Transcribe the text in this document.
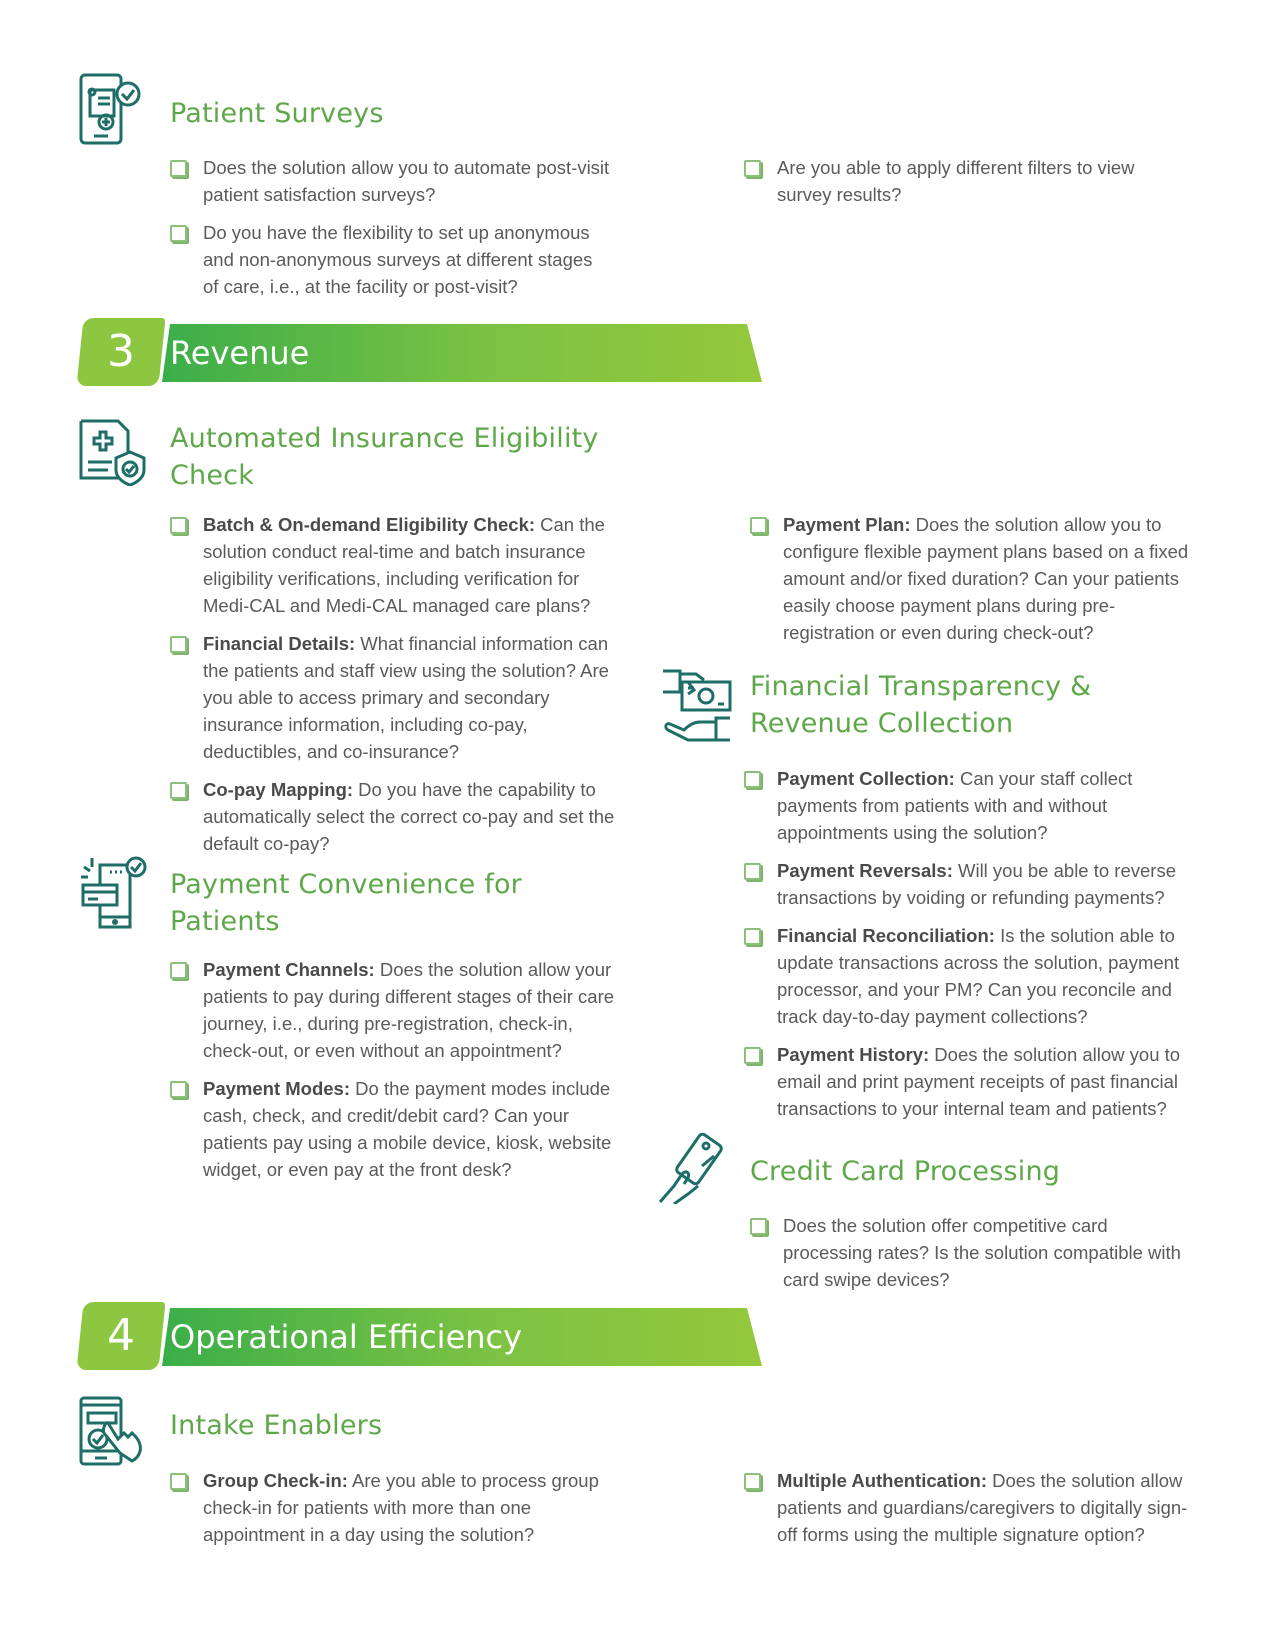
Patient Surveys
Does the solution allow you to automate post-visit patient satisfaction surveys?
Do you have the flexibility to set up anonymous and non-anonymous surveys at different stages of care, i.e., at the facility or post-visit?
Are you able to apply different filters to view survey results?
3	Revenue
Automated Insurance Eligibility Check
Batch & On-demand Eligibility Check: Can the solution conduct real-time and batch insurance eligibility verifications, including verification for Medi-CAL and Medi-CAL managed care plans?
Financial Details: What financial information can the patients and staff view using the solution? Are you able to access primary and secondary insurance information, including co-pay, deductibles, and co-insurance?
Co-pay Mapping: Do you have the capability to automatically select the correct co-pay and set the default co-pay?
Payment Plan: Does the solution allow you to configure flexible payment plans based on a fixed amount and/or fixed duration? Can your patients easily choose payment plans during pre-registration or even during check-out?
Payment Convenience for Patients
Payment Channels: Does the solution allow your patients to pay during different stages of their care journey, i.e., during pre-registration, check-in, check-out, or even without an appointment?
Payment Modes: Do the payment modes include cash, check, and credit/debit card? Can your patients pay using a mobile device, kiosk, website widget, or even pay at the front desk?
Financial Transparency & Revenue Collection
Payment Collection: Can your staff collect payments from patients with and without appointments using the solution?
Payment Reversals: Will you be able to reverse transactions by voiding or refunding payments?
Financial Reconciliation: Is the solution able to update transactions across the solution, payment processor, and your PM? Can you reconcile and track day-to-day payment collections?
Payment History: Does the solution allow you to email and print payment receipts of past financial transactions to your internal team and patients?
Credit Card Processing
Does the solution offer competitive card processing rates? Is the solution compatible with card swipe devices?
4	Operational Efficiency
Intake Enablers
Group Check-in: Are you able to process group check-in for patients with more than one appointment in a day using the solution?
Multiple Authentication: Does the solution allow patients and guardians/caregivers to digitally sign-off forms using the multiple signature option?
